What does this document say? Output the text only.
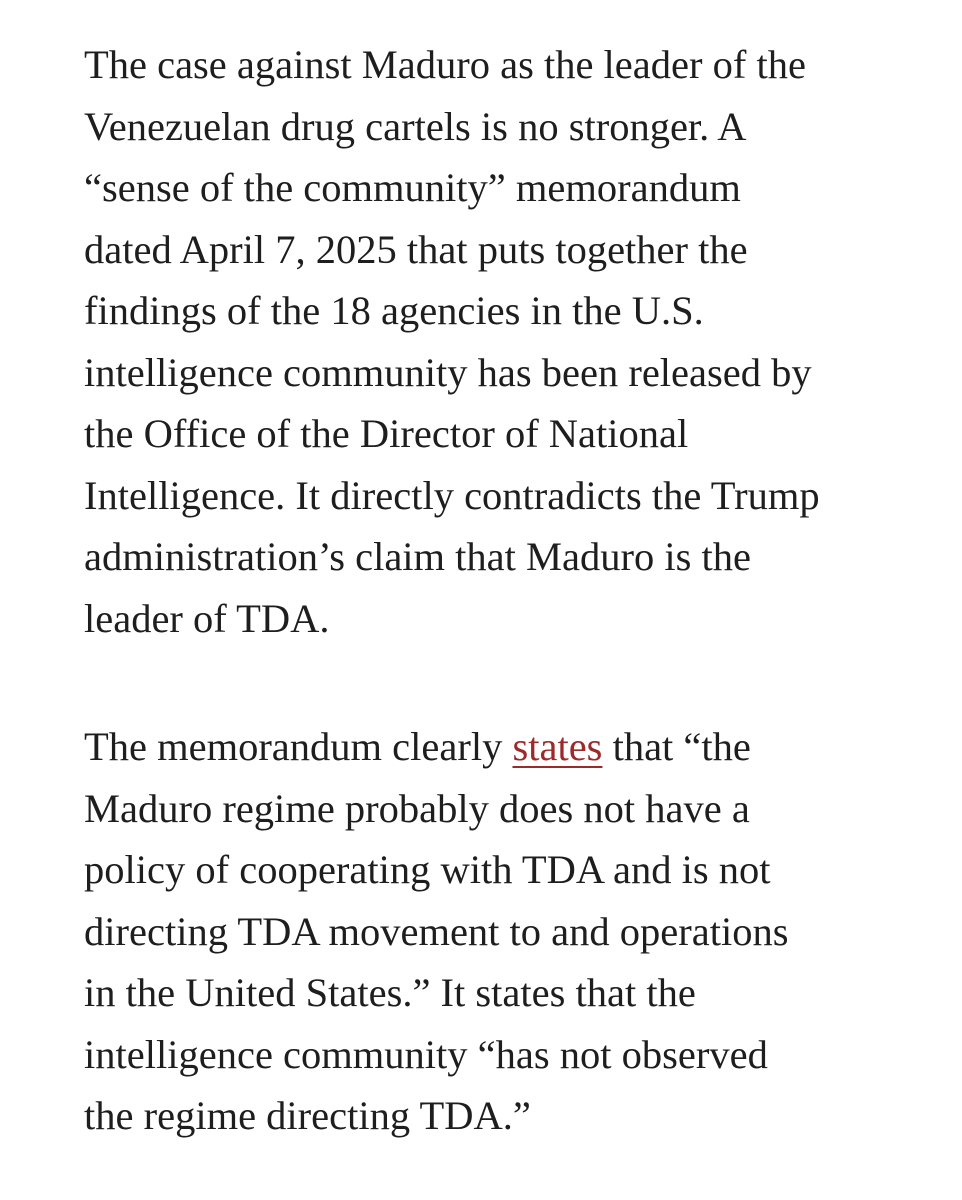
The case against Maduro as the leader of the
Venezuelan drug cartels is no stronger. A
“sense of the community” memorandum
dated April 7, 2025 that puts together the
findings of the 18 agencies in the U.S.
intelligence community has been released by
the Office of the Director of National
Intelligence. It directly contradicts the Trump
administration’s claim that Maduro is the
leader of TDA.

The memorandum clearly states that “the
Maduro regime probably does not have a
policy of cooperating with TDA and is not
directing TDA movement to and operations
in the United States.” It states that the
intelligence community “has not observed
the regime directing TDA.”
